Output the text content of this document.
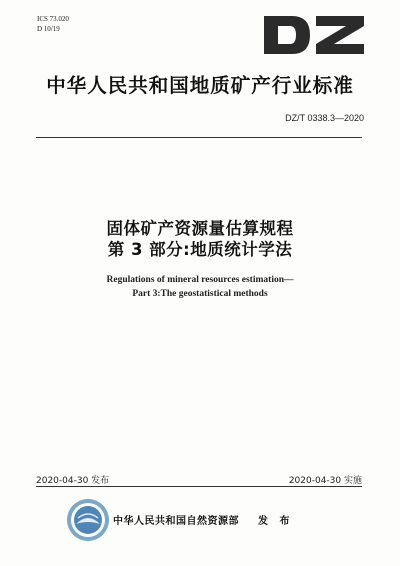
ICS 73.020
D 10/19
中华人民共和国地质矿产行业标准
DZ/T 0338.3—2020
固体矿产资源量估算规程
第 3 部分:地质统计学法
Regulations of mineral resources estimation—
Part 3:The geostatistical methods
2020-04-30 发布	2020-04-30 实施
中华人民共和国自然资源部 发 布
